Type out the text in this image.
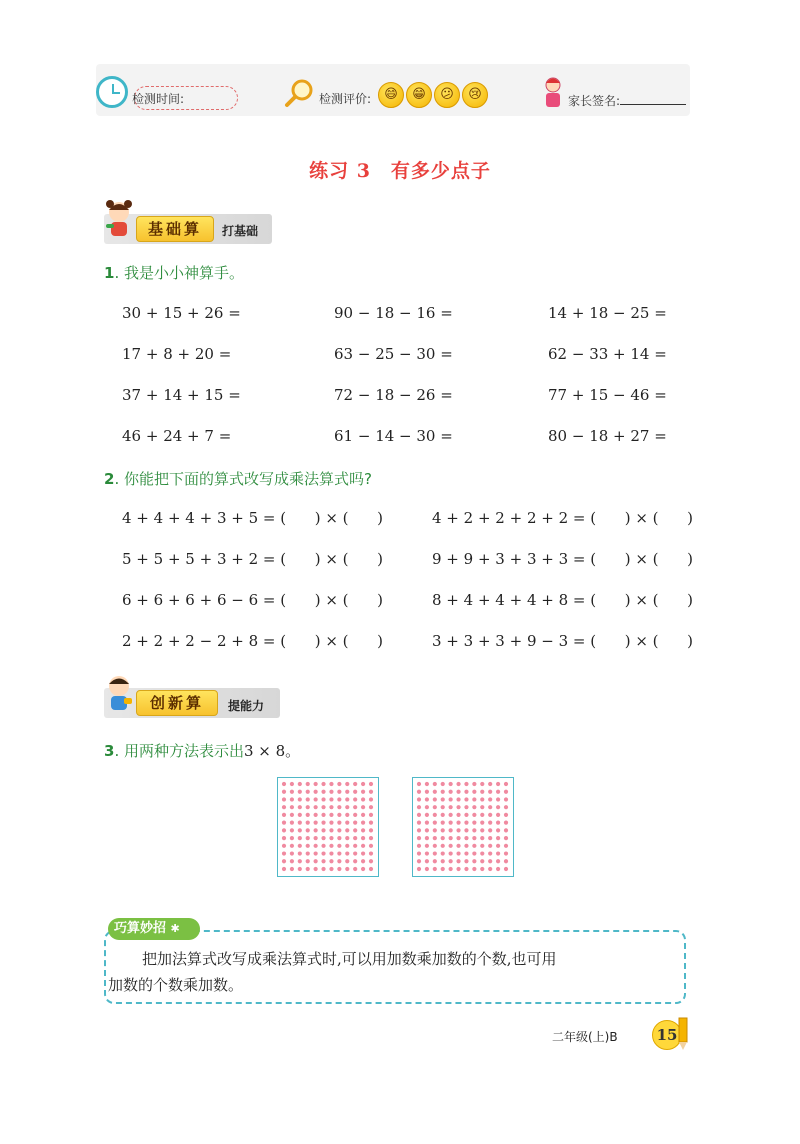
检测时间:	检测评价:	😄	😁	😕	😢	家长签名:
练习 3　有多少点子
基础算	打基础
1. 我是小小神算手。
30 + 15 + 26 =	90 − 18 − 16 =	14 + 18 − 25 =
17 + 8 + 20 =	63 − 25 − 30 =	62 − 33 + 14 =
37 + 14 + 15 =	72 − 18 − 26 =	77 + 15 − 46 =
46 + 24 + 7 =	61 − 14 − 30 =	80 − 18 + 27 =
2. 你能把下面的算式改写成乘法算式吗?
4 + 4 + 4 + 3 + 5 = (      ) × (      )	4 + 2 + 2 + 2 + 2 = (      ) × (      )
5 + 5 + 5 + 3 + 2 = (      ) × (      )	9 + 9 + 3 + 3 + 3 = (      ) × (      )
6 + 6 + 6 + 6 − 6 = (      ) × (      )	8 + 4 + 4 + 4 + 8 = (      ) × (      )
2 + 2 + 2 − 2 + 8 = (      ) × (      )	3 + 3 + 3 + 9 − 3 = (      ) × (      )
创新算	提能力
3. 用两种方法表示出3 × 8。
巧算妙招 ✱
把加法算式改写成乘法算式时,可以用加数乘加数的个数,也可用
加数的个数乘加数。
二年级(上)B	15
